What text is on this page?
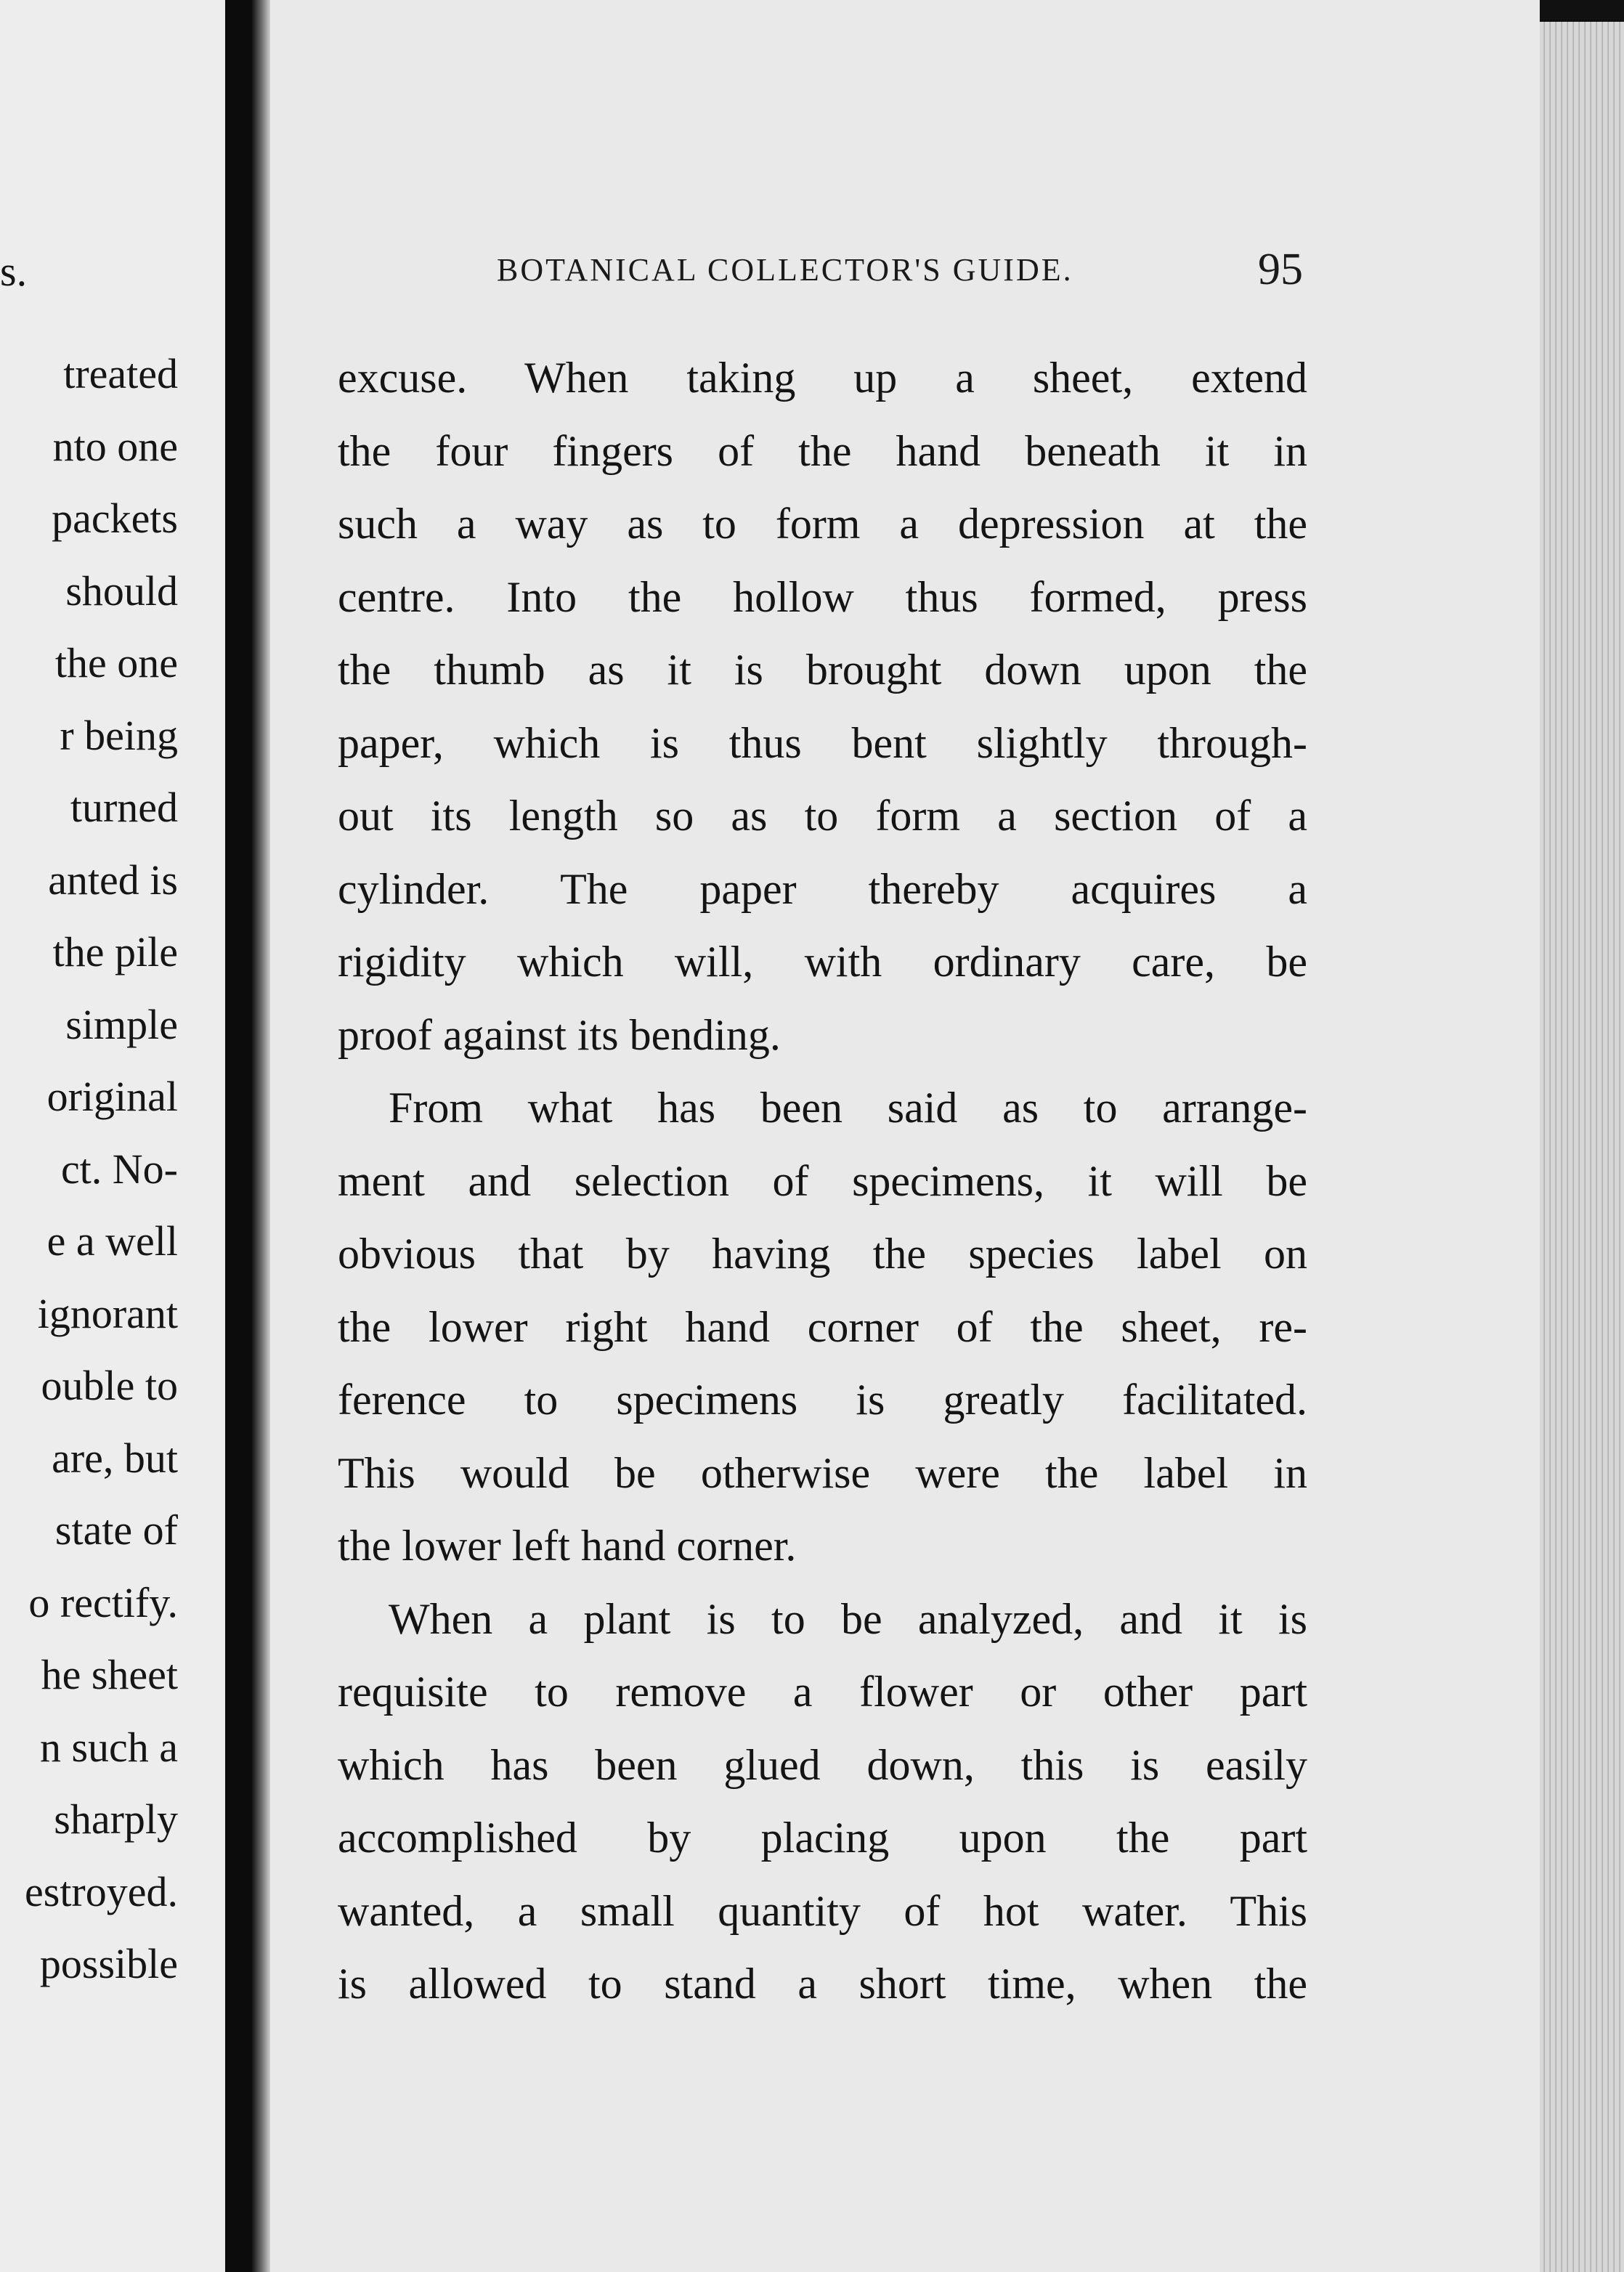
s.
treated
nto one
packets
should
the one
r being
turned
anted is
the pile
simple
original
ct. No-
e a well
ignorant
ouble to
are, but
state of
o rectify.
he sheet
n such a
sharply
estroyed.
possible
BOTANICAL COLLECTOR'S GUIDE.	95
excuse. When taking up a sheet, extend
the four fingers of the hand beneath it in
such a way as to form a depression at the
centre. Into the hollow thus formed, press
the thumb as it is brought down upon the
paper, which is thus bent slightly through-
out its length so as to form a section of a
cylinder. The paper thereby acquires a
rigidity which will, with ordinary care, be
proof against its bending.
From what has been said as to arrange-
ment and selection of specimens, it will be
obvious that by having the species label on
the lower right hand corner of the sheet, re-
ference to specimens is greatly facilitated.
This would be otherwise were the label in
the lower left hand corner.
When a plant is to be analyzed, and it is
requisite to remove a flower or other part
which has been glued down, this is easily
accomplished by placing upon the part
wanted, a small quantity of hot water. This
is allowed to stand a short time, when the
